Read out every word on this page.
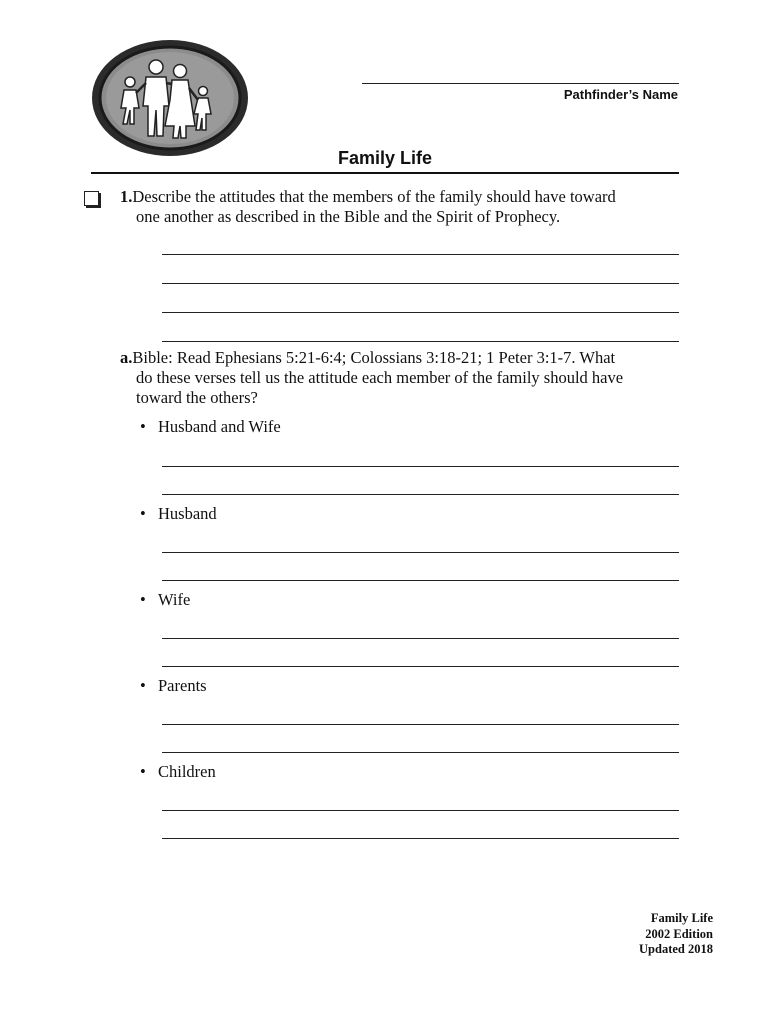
Pathfinder’s Name
Family Life
1.Describe the attitudes that the members of the family should have toward
one another as described in the Bible and the Spirit of Prophecy.
a.Bible: Read Ephesians 5:21-6:4; Colossians 3:18-21; 1 Peter 3:1-7. What
do these verses tell us the attitude each member of the family should have
toward the others?
• Husband and Wife
• Husband
• Wife
• Parents
• Children
Family Life
2002 Edition
Updated 2018
